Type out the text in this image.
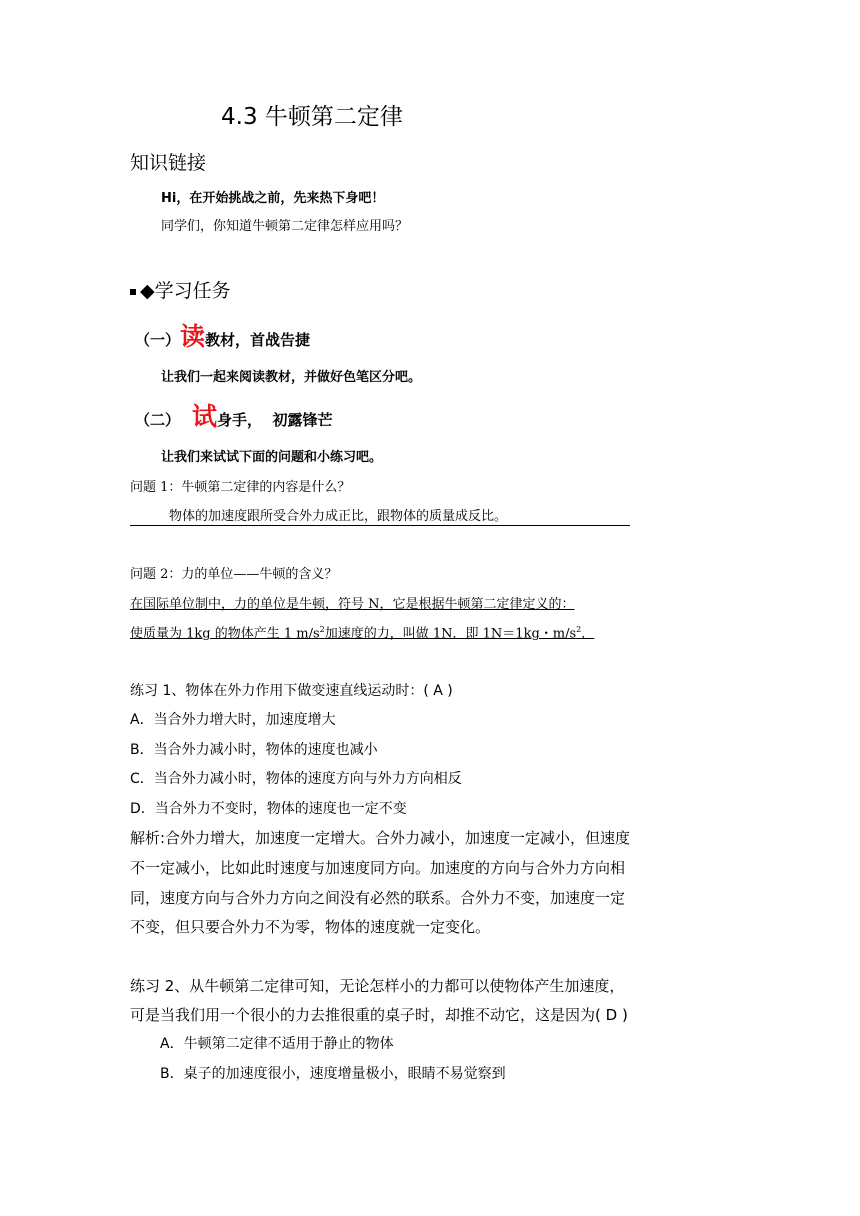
4.3 牛顿第二定律
知识链接
Hi，在开始挑战之前，先来热下身吧！
同学们，你知道牛顿第二定律怎样应用吗？
◆学习任务
（一）读教材，首战告捷
让我们一起来阅读教材，并做好色笔区分吧。
（二） 试身手，  初露锋芒
让我们来试试下面的问题和小练习吧。
问题 1：牛顿第二定律的内容是什么？
物体的加速度跟所受合外力成正比，跟物体的质量成反比。
问题 2：力的单位——牛顿的含义？
在国际单位制中，力的单位是牛顿，符号 N，它是根据牛顿第二定律定义的：
使质量为 1kg 的物体产生 1 $m/s^2$加速度的力，叫做 1N．即 1N＝1kg・$m/s^2$．
练习 1、物体在外力作用下做变速直线运动时：( A )
A．当合外力增大时，加速度增大
B．当合外力减小时，物体的速度也减小
C．当合外力减小时，物体的速度方向与外力方向相反
D．当合外力不变时，物体的速度也一定不变
解析:合外力增大，加速度一定增大。合外力减小，加速度一定减小，但速度
不一定减小，比如此时速度与加速度同方向。加速度的方向与合外力方向相
同，速度方向与合外力方向之间没有必然的联系。合外力不变，加速度一定
不变，但只要合外力不为零，物体的速度就一定变化。
练习 2、从牛顿第二定律可知，无论怎样小的力都可以使物体产生加速度，
可是当我们用一个很小的力去推很重的桌子时，却推不动它，这是因为( D )
A．牛顿第二定律不适用于静止的物体
B．桌子的加速度很小，速度增量极小，眼睛不易觉察到
